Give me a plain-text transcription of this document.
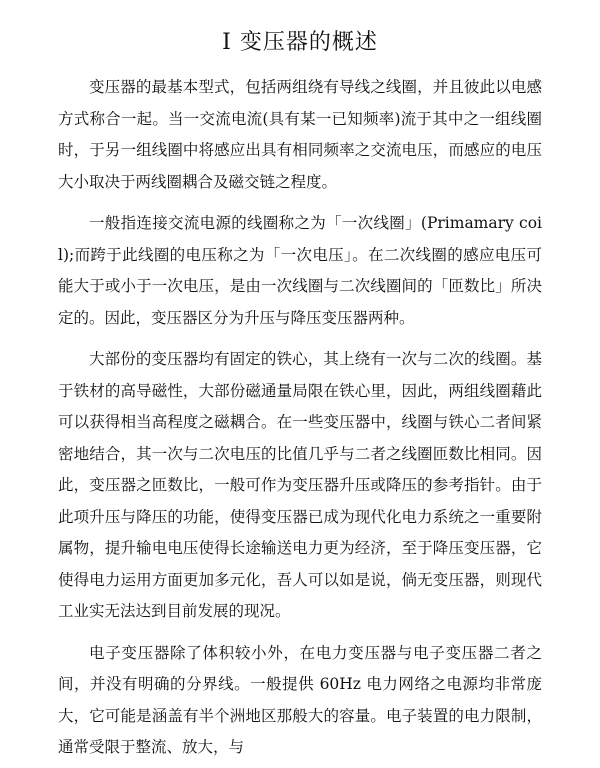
I 变压器的概述

变压器的最基本型式，包括两组绕有导线之线圈，并且彼此以电感方式称合一起。当一交流电流(具有某一已知频率)流于其中之一组线圈时，于另一组线圈中将感应出具有相同频率之交流电压，而感应的电压大小取决于两线圈耦合及磁交链之程度。

一般指连接交流电源的线圈称之为「一次线圈」(Primamary coil);而跨于此线圈的电压称之为「一次电压」。在二次线圈的感应电压可能大于或小于一次电压，是由一次线圈与二次线圈间的「匝数比」所决定的。因此，变压器区分为升压与降压变压器两种。

大部份的变压器均有固定的铁心，其上绕有一次与二次的线圈。基于铁材的高导磁性，大部份磁通量局限在铁心里，因此，两组线圈藉此可以获得相当高程度之磁耦合。在一些变压器中，线圈与铁心二者间紧密地结合，其一次与二次电压的比值几乎与二者之线圈匝数比相同。因此，变压器之匝数比，一般可作为变压器升压或降压的参考指针。由于此项升压与降压的功能，使得变压器已成为现代化电力系统之一重要附属物，提升输电电压使得长途输送电力更为经济，至于降压变压器，它使得电力运用方面更加多元化，吾人可以如是说，倘无变压器，则现代工业实无法达到目前发展的现况。

电子变压器除了体积较小外，在电力变压器与电子变压器二者之间，并没有明确的分界线。一般提供 60Hz 电力网络之电源均非常庞大，它可能是涵盖有半个洲地区那般大的容量。电子装置的电力限制，通常受限于整流、放大，与
